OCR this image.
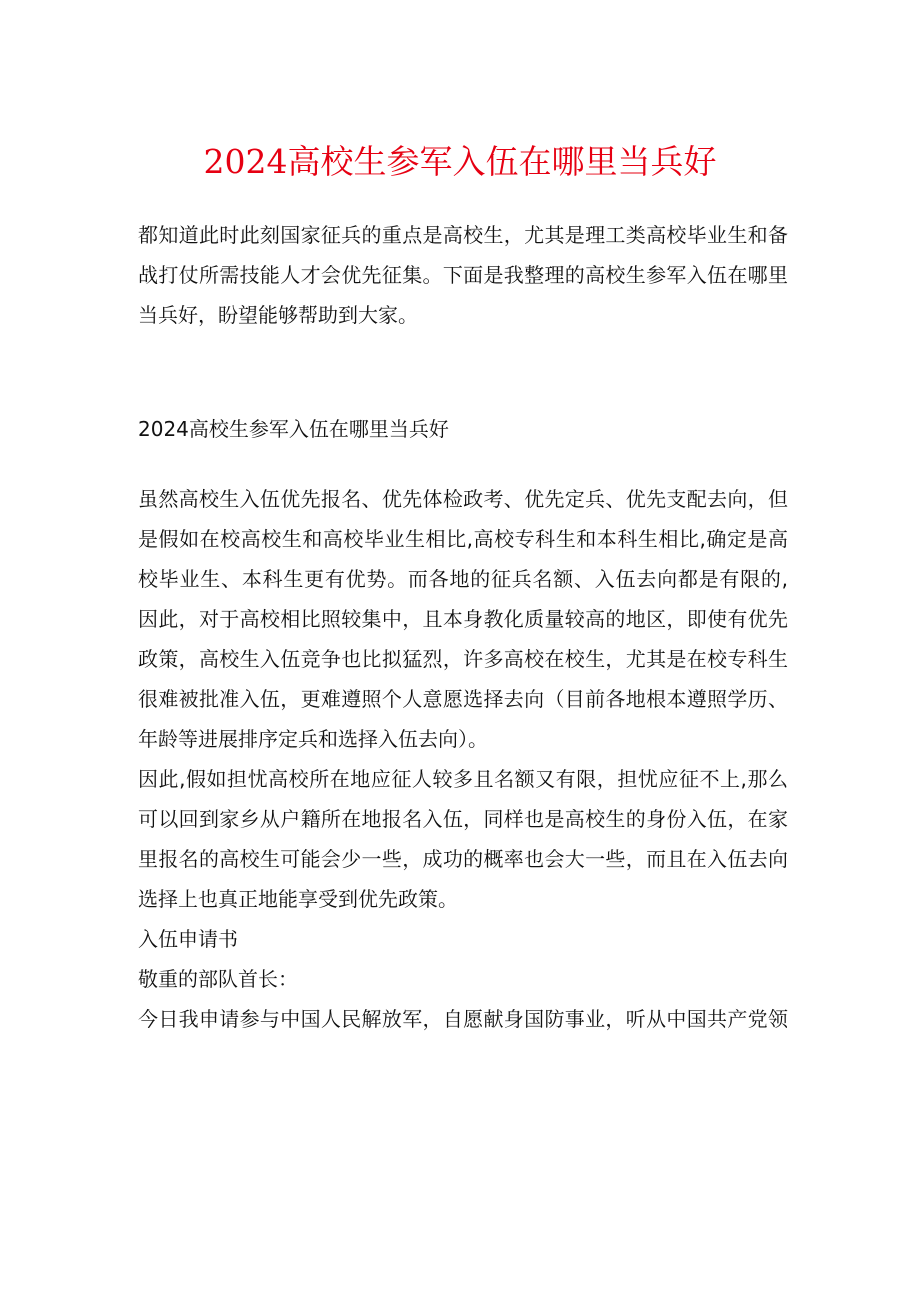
2024高校生参军入伍在哪里当兵好
都知道此时此刻国家征兵的重点是高校生，尤其是理工类高校毕业生和备
战打仗所需技能人才会优先征集。下面是我整理的高校生参军入伍在哪里
当兵好，盼望能够帮助到大家。
2024高校生参军入伍在哪里当兵好
虽然高校生入伍优先报名、优先体检政考、优先定兵、优先支配去向，但
是假如在校高校生和高校毕业生相比,高校专科生和本科生相比,确定是高
校毕业生、本科生更有优势。而各地的征兵名额、入伍去向都是有限的,
因此，对于高校相比照较集中，且本身教化质量较高的地区，即使有优先
政策，高校生入伍竞争也比拟猛烈，许多高校在校生，尤其是在校专科生
很难被批准入伍，更难遵照个人意愿选择去向（目前各地根本遵照学历、
年龄等进展排序定兵和选择入伍去向）。
因此,假如担忧高校所在地应征人较多且名额又有限，担忧应征不上,那么
可以回到家乡从户籍所在地报名入伍，同样也是高校生的身份入伍，在家
里报名的高校生可能会少一些，成功的概率也会大一些，而且在入伍去向
选择上也真正地能享受到优先政策。
入伍申请书
敬重的部队首长：
今日我申请参与中国人民解放军，自愿献身国防事业，听从中国共产党领
